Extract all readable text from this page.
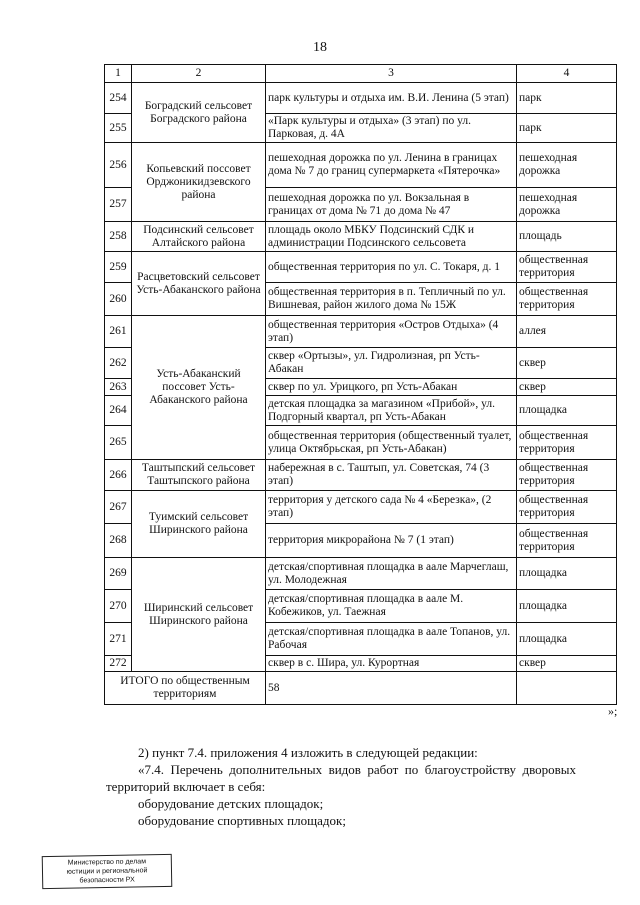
18
1	2	3	4
254	Боградский сельсовет Боградского района	парк культуры и отдыха им. В.И. Ленина (5 этап)	парк
255		«Парк культуры и отдыха» (3 этап) по ул. Парковая, д. 4А	парк
256	Копьевский поссовет Орджоникидзевского района	пешеходная дорожка по ул. Ленина в границах дома № 7 до границ супермаркета «Пятерочка»	пешеходная дорожка
257		пешеходная дорожка по ул. Вокзальная в границах от дома № 71 до дома № 47	пешеходная дорожка
258	Подсинский сельсовет Алтайского района	площадь около МБКУ Подсинский СДК и администрации Подсинского сельсовета	площадь
259	Расцветовский сельсовет Усть-Абаканского района	общественная территория по ул. С. Токаря, д. 1	общественная территория
260		общественная территория в п. Тепличный по ул. Вишневая, район жилого дома № 15Ж	общественная территория
261	Усть-Абаканский поссовет Усть-Абаканского района	общественная территория «Остров Отдыха» (4 этап)	аллея
262		сквер «Ортызы», ул. Гидролизная, рп Усть-Абакан	сквер
263		сквер по ул. Урицкого, рп Усть-Абакан	сквер
264		детская площадка за магазином «Прибой», ул. Подгорный квартал, рп Усть-Абакан	площадка
265		общественная территория (общественный туалет, улица Октябрьская, рп Усть-Абакан)	общественная территория
266	Таштыпский сельсовет Таштыпского района	набережная в с. Таштып, ул. Советская, 74 (3 этап)	общественная территория
267	Туимский сельсовет Ширинского района	территория у детского сада № 4 «Березка», (2 этап)	общественная территория
268		территория микрорайона № 7 (1 этап)	общественная территория
269	Ширинский сельсовет Ширинского района	детская/спортивная площадка в аале Марчеглаш, ул. Молодежная	площадка
270		детская/спортивная площадка в аале М. Кобежиков, ул. Таежная	площадка
271		детская/спортивная площадка в аале Топанов, ул. Рабочая	площадка
272		сквер в с. Шира, ул. Курортная	сквер
ИТОГО по общественным территориям		58	
»;

2) пункт 7.4. приложения 4 изложить в следующей редакции:

«7.4. Перечень дополнительных видов работ по благоустройству дворовых территорий включает в себя:

оборудование детских площадок;

оборудование спортивных площадок;

Министерство по делам
юстиции и региональной
безопасности РХ
